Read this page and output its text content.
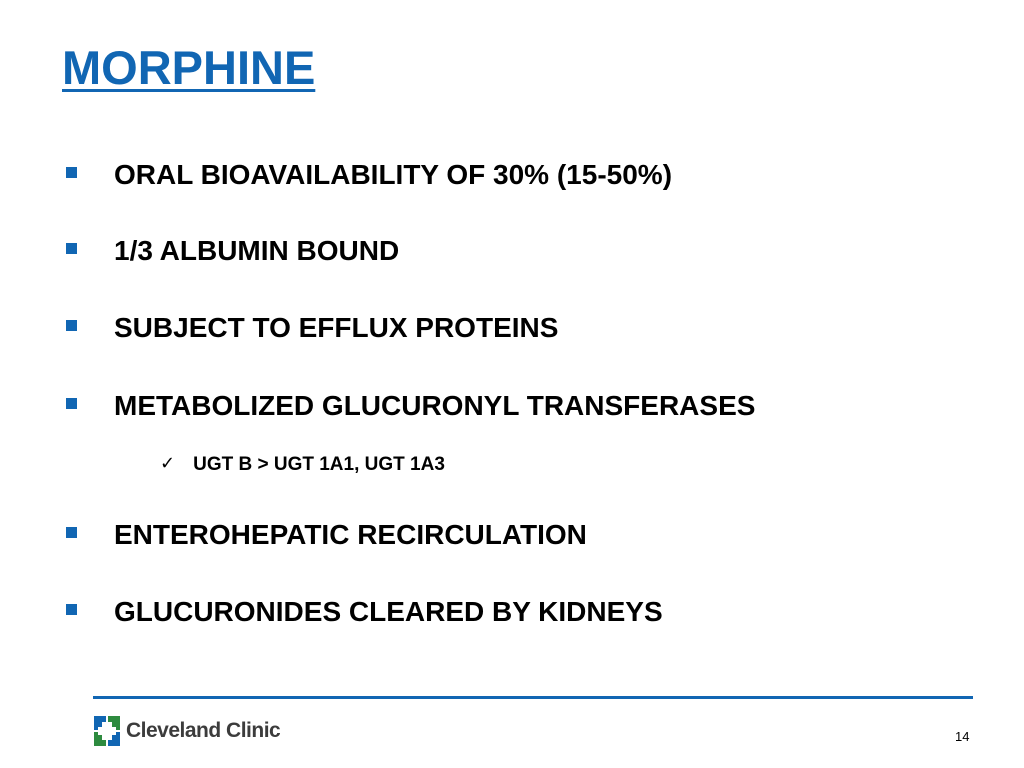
MORPHINE
ORAL BIOAVAILABILITY OF 30% (15-50%)
1/3 ALBUMIN BOUND
SUBJECT TO EFFLUX PROTEINS
METABOLIZED GLUCURONYL TRANSFERASES
✓ UGT B > UGT 1A1, UGT 1A3
ENTEROHEPATIC RECIRCULATION
GLUCURONIDES CLEARED BY KIDNEYS
Cleveland Clinic	14
